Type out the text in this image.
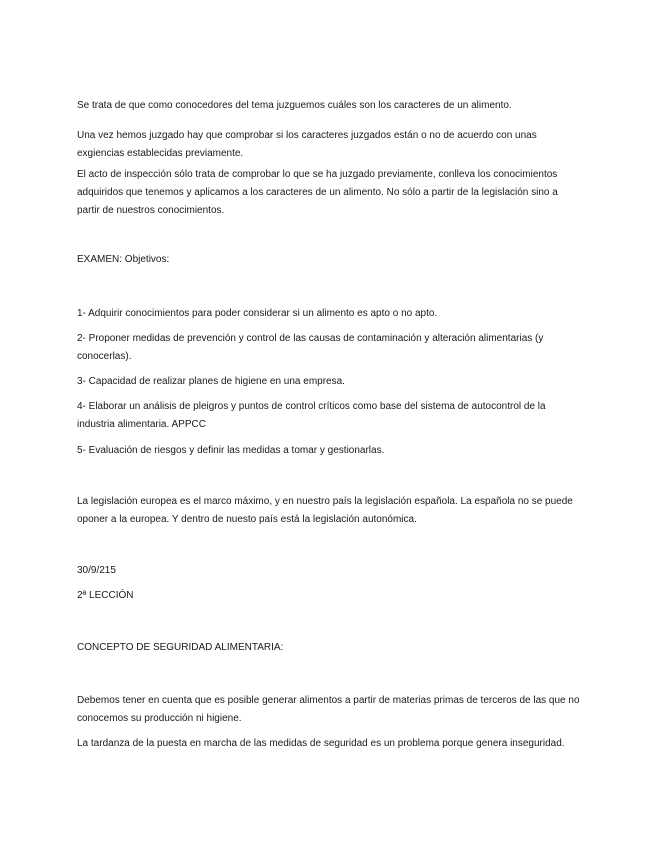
Se trata de que como conocedores del tema juzguemos cuáles son los caracteres de un alimento.

Una vez hemos juzgado hay que comprobar si los caracteres juzgados están o no de acuerdo con unas exgiencias establecidas previamente.

El acto de inspección sólo trata de comprobar lo que se ha juzgado previamente, conlleva los conocimientos adquiridos que tenemos y aplicamos a los caracteres de un alimento. No sólo a partir de la legislación sino a partir de nuestros conocimientos.

EXAMEN: Objetivos:

1- Adquirir conocimientos para poder considerar si un alimento es apto o no apto.

2- Proponer medidas de prevención y control de las causas de contaminación y alteración alimentarias (y conocerlas).

3- Capacidad de realizar planes de higiene en una empresa.

4- Elaborar un análisis de pleigros y puntos de control críticos como base del sistema de autocontrol de la industria alimentaria. APPCC

5- Evaluación de riesgos y definir las medidas a tomar y gestionarlas.

La legislación europea es el marco máximo, y en nuestro país la legislación española. La española no se puede oponer a la europea. Y dentro de nuesto país está la legislación autonómica.

30/9/215

2ª LECCIÓN

CONCEPTO DE SEGURIDAD ALIMENTARIA:

Debemos tener en cuenta que es posible generar alimentos a partir de materias primas de terceros de las que no conocemos su producción ni higiene.

La tardanza de la puesta en marcha de las medidas de seguridad es un problema porque genera inseguridad.
